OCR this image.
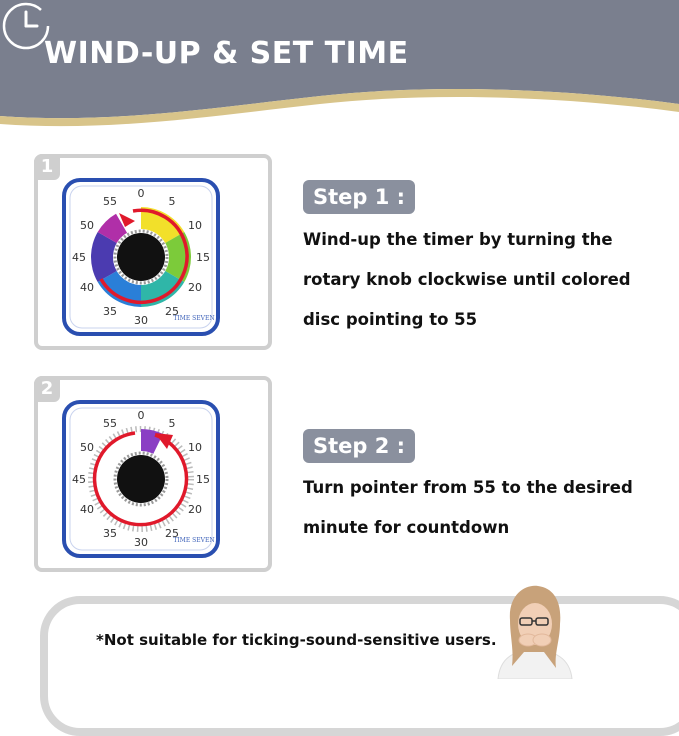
WIND-UP & SET TIME
1
0
5
10
15
20
25
30
35
40
45
50
55
TIME SEVEN
Step 1 :
Wind-up the timer by turning the rotary knob clockwise until colored disc pointing to 55
2
0
5
10
15
20
25
30
35
40
45
50
55
TIME SEVEN
Step 2 :
Turn pointer from 55 to the desired minute for countdown
*Not suitable for ticking-sound-sensitive users.
